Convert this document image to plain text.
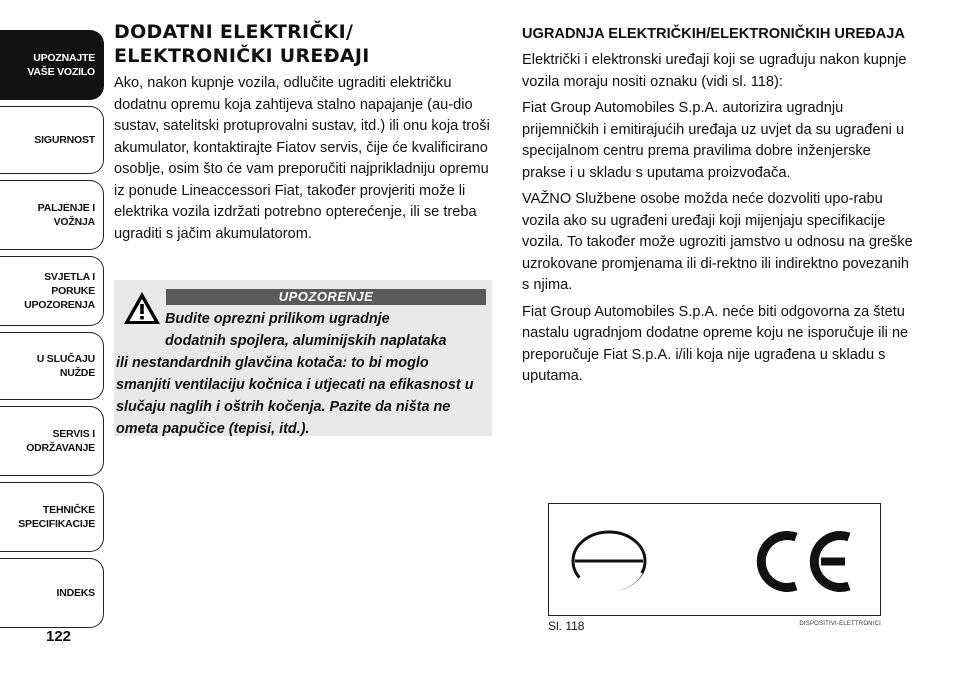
UPOZNAJTE
VAŠE VOZILO
SIGURNOST
PALJENJE I
VOŽNJA
SVJETLA I PORUKE
UPOZORENJA
U SLUČAJU
NUŽDE
SERVIS I
ODRŽAVANJE
TEHNIČKE
SPECIFIKACIJE
INDEKS
122
DODATNI ELEKTRIČKI/
ELEKTRONIČKI UREĐAJI

Ako, nakon kupnje vozila, odlučite ugraditi električku dodatnu opremu koja zahtijeva stalno napajanje (au-dio sustav, satelitski protuprovalni sustav, itd.) ili onu koja troši akumulator, kontaktirajte Fiatov servis, čije će kvalificirano osoblje, osim što će vam preporučiti najprikladniju opremu iz ponude Lineaccessori Fiat, također provjeriti može li elektrika vozila izdržati potrebno opterećenje, ili se treba ugraditi s jačim akumulatorom.

UPOZORENJE
Budite oprezni prilikom ugradnje
dodatnih spojlera, aluminijskih naplataka
ili nestandardnih glavčina kotača: to bi moglo smanjiti ventilaciju kočnica i utjecati na efikasnost u slučaju naglih i oštrih kočenja. Pazite da ništa ne ometa papučice (tepisi, itd.).
UGRADNJA ELEKTRIČKIH/ELEKTRONIČKIH UREĐAJA

Električki i elektronski uređaji koji se ugrađuju nakon kupnje vozila moraju nositi oznaku (vidi sl. 118):

Fiat Group Automobiles S.p.A. autorizira ugradnju prijemničkih i emitirajućih uređaja uz uvjet da su ugrađeni u specijalnom centru prema pravilima dobre inženjerske prakse i u skladu s uputama proizvođača.

VAŽNO Službene osobe možda neće dozvoliti upo-rabu vozila ako su ugrađeni uređaji koji mijenjaju specifikacije vozila. To također može ugroziti jamstvo u odnosu na greške uzrokovane promjenama ili di-rektno ili indirektno povezanih s njima.

Fiat Group Automobiles S.p.A. neće biti odgovorna za štetu nastalu ugradnjom dodatne opreme koju ne isporučuje ili ne preporučuje Fiat S.p.A. i/ili koja nije ugrađena u skladu s uputama.

Sl. 118	DISPOSITIVI-ELETTRONICI
